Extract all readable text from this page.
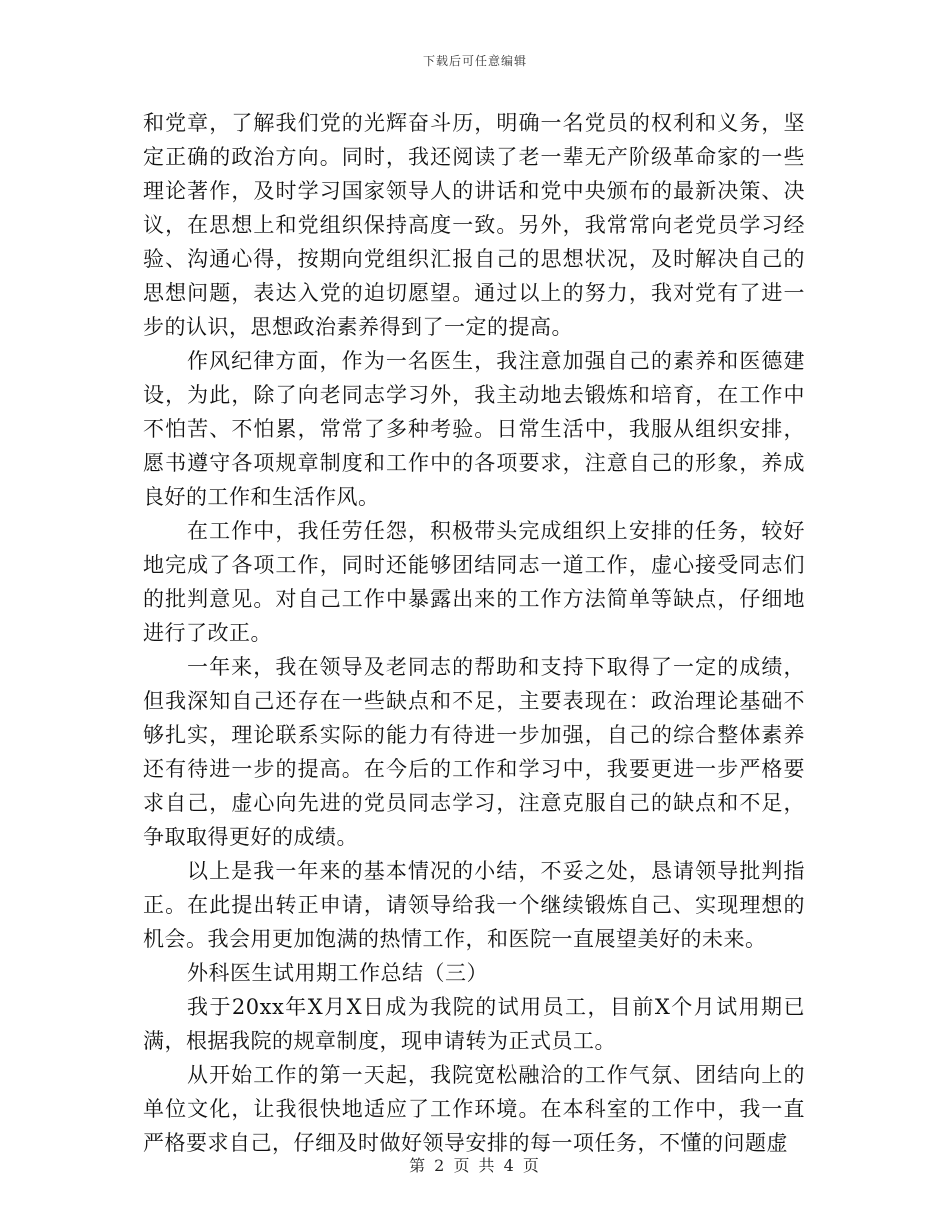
下载后可任意编辑

和党章，了解我们党的光辉奋斗历，明确一名党员的权利和义务，坚定正确的政治方向。同时，我还阅读了老一辈无产阶级革命家的一些理论著作，及时学习国家领导人的讲话和党中央颁布的最新决策、决议，在思想上和党组织保持高度一致。另外，我常常向老党员学习经验、沟通心得，按期向党组织汇报自己的思想状况，及时解决自己的思想问题，表达入党的迫切愿望。通过以上的努力，我对党有了进一步的认识，思想政治素养得到了一定的提高。

作风纪律方面，作为一名医生，我注意加强自己的素养和医德建设，为此，除了向老同志学习外，我主动地去锻炼和培育，在工作中不怕苦、不怕累，常常了多种考验。日常生活中，我服从组织安排，愿书遵守各项规章制度和工作中的各项要求，注意自己的形象，养成良好的工作和生活作风。

在工作中，我任劳任怨，积极带头完成组织上安排的任务，较好地完成了各项工作，同时还能够团结同志一道工作，虚心接受同志们的批判意见。对自己工作中暴露出来的工作方法简单等缺点，仔细地进行了改正。

一年来，我在领导及老同志的帮助和支持下取得了一定的成绩，但我深知自己还存在一些缺点和不足，主要表现在：政治理论基础不够扎实，理论联系实际的能力有待进一步加强，自己的综合整体素养还有待进一步的提高。在今后的工作和学习中，我要更进一步严格要求自己，虚心向先进的党员同志学习，注意克服自己的缺点和不足，争取取得更好的成绩。

以上是我一年来的基本情况的小结，不妥之处，恳请领导批判指正。在此提出转正申请，请领导给我一个继续锻炼自己、实现理想的机会。我会用更加饱满的热情工作，和医院一直展望美好的未来。

外科医生试用期工作总结（三）

我于20xx年X月X日成为我院的试用员工，目前X个月试用期已满，根据我院的规章制度，现申请转为正式员工。

从开始工作的第一天起，我院宽松融洽的工作气氛、团结向上的单位文化，让我很快地适应了工作环境。在本科室的工作中，我一直严格要求自己，仔细及时做好领导安排的每一项任务，不懂的问题虚

第 2 页 共 4 页
